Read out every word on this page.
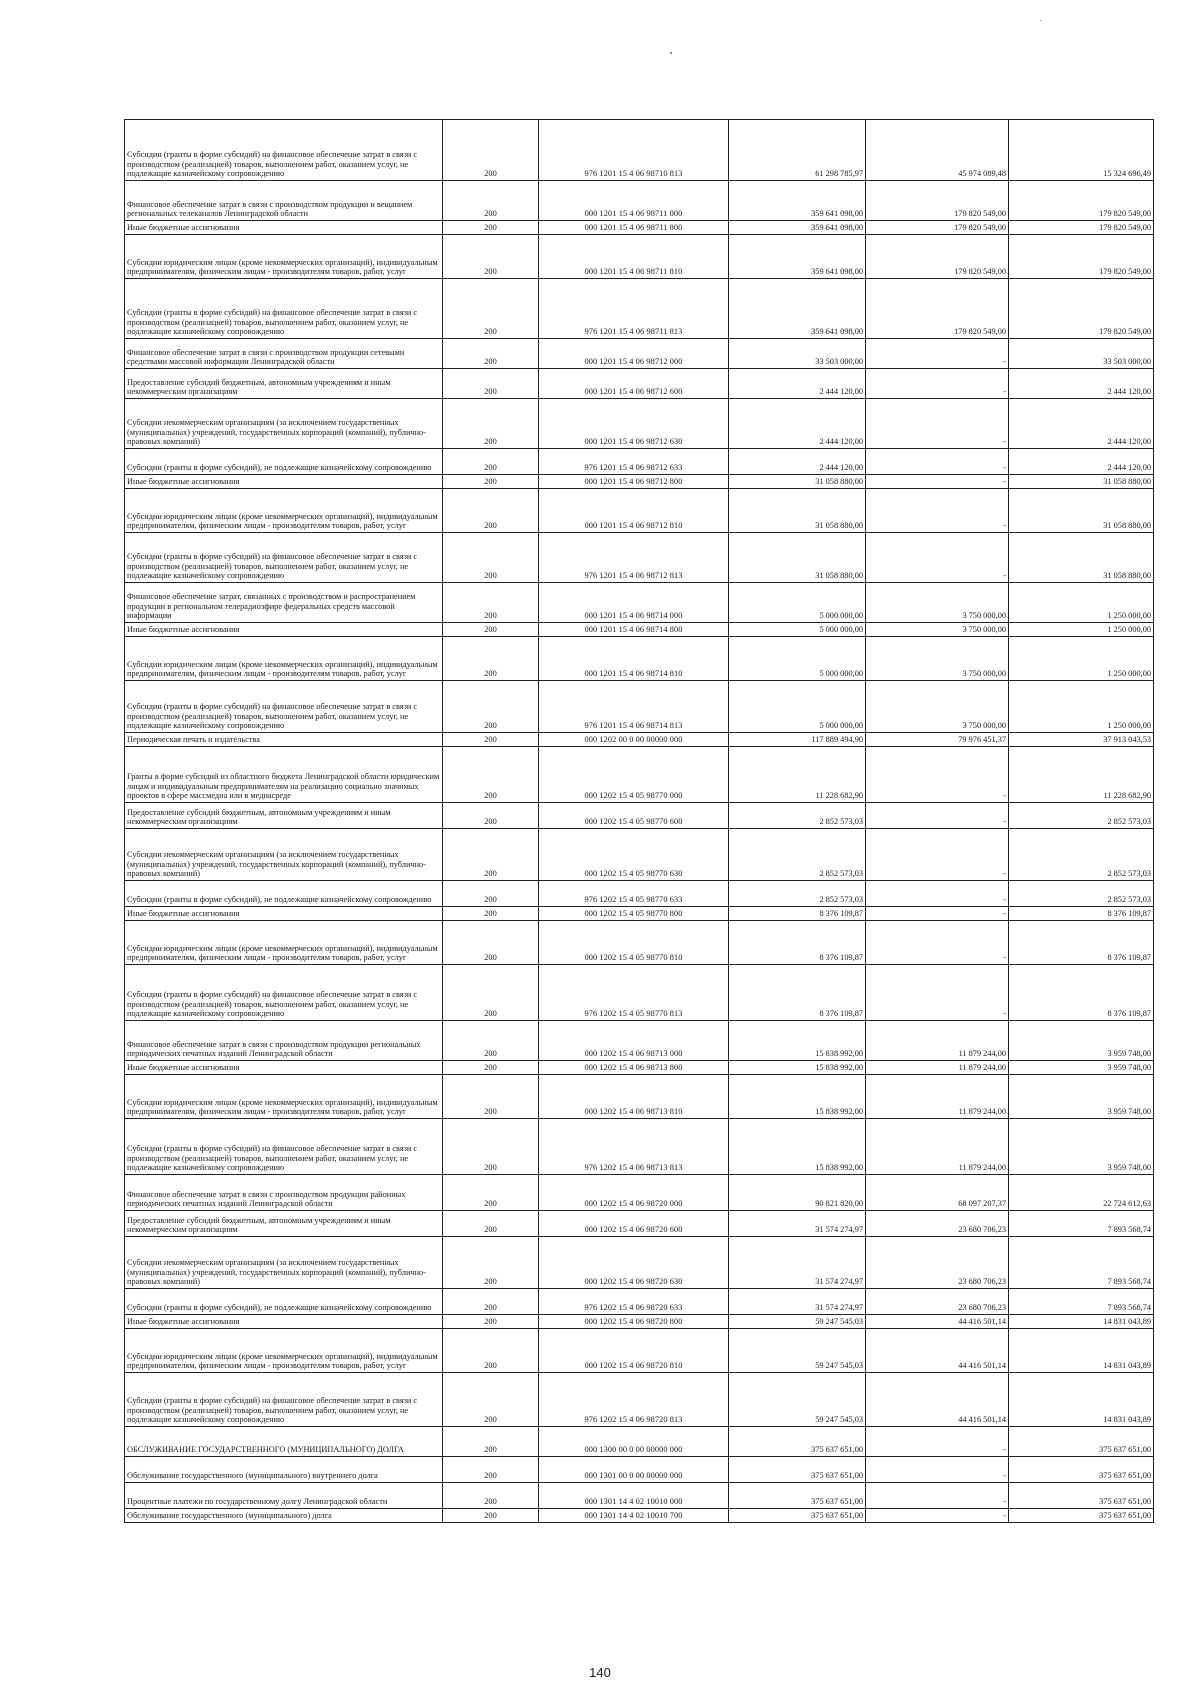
Субсидии (гранты в форме субсидий) на финансовое обеспечение затрат в связи с производством (реализацией) товаров, выполнением работ, оказанием услуг, не подлежащие казначейскому сопровождению	200	976 1201 15 4 06 98710 813	61 298 785,97	45 974 089,48	15 324 696,49
Финансовое обеспечение затрат в связи с производством продукции и вещанием региональных телеканалов Ленинградской области	200	000 1201 15 4 06 98711 000	359 641 098,00	179 820 549,00	179 820 549,00
Иные бюджетные ассигнования	200	000 1201 15 4 06 98711 800	359 641 098,00	179 820 549,00	179 820 549,00
Субсидии юридическим лицам (кроме некоммерческих организаций), индивидуальным предпринимателям, физическим лицам - производителям товаров, работ, услуг	200	000 1201 15 4 06 98711 810	359 641 098,00	179 820 549,00	179 820 549,00
Субсидии (гранты в форме субсидий) на финансовое обеспечение затрат в связи с производством (реализацией) товаров, выполнением работ, оказанием услуг, не подлежащие казначейскому сопровождению	200	976 1201 15 4 06 98711 813	359 641 098,00	179 820 549,00	179 820 549,00
Финансовое обеспечение затрат в связи с производством продукции сетевыми средствами массовой информации Ленинградской области	200	000 1201 15 4 06 98712 000	33 503 000,00	-	33 503 000,00
Предоставление субсидий бюджетным, автономным учреждениям и иным некоммерческим организациям	200	000 1201 15 4 06 98712 600	2 444 120,00	-	2 444 120,00
Субсидии некоммерческим организациям (за исключением государственных (муниципальных) учреждений, государственных корпораций (компаний), публично-правовых компаний)	200	000 1201 15 4 06 98712 630	2 444 120,00	-	2 444 120,00
Субсидии (гранты в форме субсидий), не подлежащие казначейскому сопровождению	200	976 1201 15 4 06 98712 633	2 444 120,00	-	2 444 120,00
Иные бюджетные ассигнования	200	000 1201 15 4 06 98712 800	31 058 880,00	-	31 058 880,00
Субсидии юридическим лицам (кроме некоммерческих организаций), индивидуальным предпринимателям, физическим лицам - производителям товаров, работ, услуг	200	000 1201 15 4 06 98712 810	31 058 880,00	-	31 058 880,00
Субсидии (гранты в форме субсидий) на финансовое обеспечение затрат в связи с производством (реализацией) товаров, выполнением работ, оказанием услуг, не подлежащие казначейскому сопровождению	200	976 1201 15 4 06 98712 813	31 058 880,00	-	31 058 880,00
Финансовое обеспечение затрат, связанных с производством и распространением продукции в региональном телерадиоэфире федеральных средств массовой информации	200	000 1201 15 4 06 98714 000	5 000 000,00	3 750 000,00	1 250 000,00
Иные бюджетные ассигнования	200	000 1201 15 4 06 98714 800	5 000 000,00	3 750 000,00	1 250 000,00
Субсидии юридическим лицам (кроме некоммерческих организаций), индивидуальным предпринимателям, физическим лицам - производителям товаров, работ, услуг	200	000 1201 15 4 06 98714 810	5 000 000,00	3 750 000,00	1 250 000,00
Субсидии (гранты в форме субсидий) на финансовое обеспечение затрат в связи с производством (реализацией) товаров, выполнением работ, оказанием услуг, не подлежащие казначейскому сопровождению	200	976 1201 15 4 06 98714 813	5 000 000,00	3 750 000,00	1 250 000,00
Периодическая печать и издательства	200	000 1202 00 0 00 00000 000	117 889 494,90	79 976 451,37	37 913 043,53
Гранты в форме субсидий из областного бюджета Ленинградской области юридическим лицам и индивидуальным предпринимателям на реализацию социально значимых проектов в сфере массмедиа или в медиасреде	200	000 1202 15 4 05 98770 000	11 228 682,90	-	11 228 682,90
Предоставление субсидий бюджетным, автономным учреждениям и иным некоммерческим организациям	200	000 1202 15 4 05 98770 600	2 852 573,03	-	2 852 573,03
Субсидии некоммерческим организациям (за исключением государственных (муниципальных) учреждений, государственных корпораций (компаний), публично-правовых компаний)	200	000 1202 15 4 05 98770 630	2 852 573,03	-	2 852 573,03
Субсидии (гранты в форме субсидий), не подлежащие казначейскому сопровождению	200	976 1202 15 4 05 98770 633	2 852 573,03	-	2 852 573,03
Иные бюджетные ассигнования	200	000 1202 15 4 05 98770 800	8 376 109,87	-	8 376 109,87
Субсидии юридическим лицам (кроме некоммерческих организаций), индивидуальным предпринимателям, физическим лицам - производителям товаров, работ, услуг	200	000 1202 15 4 05 98770 810	8 376 109,87	-	8 376 109,87
Субсидии (гранты в форме субсидий) на финансовое обеспечение затрат в связи с производством (реализацией) товаров, выполнением работ, оказанием услуг, не подлежащие казначейскому сопровождению	200	976 1202 15 4 05 98770 813	8 376 109,87	-	8 376 109,87
Финансовое обеспечение затрат в связи с производством продукции региональных периодических печатных изданий Ленинградской области	200	000 1202 15 4 06 98713 000	15 838 992,00	11 879 244,00	3 959 748,00
Иные бюджетные ассигнования	200	000 1202 15 4 06 98713 800	15 838 992,00	11 879 244,00	3 959 748,00
Субсидии юридическим лицам (кроме некоммерческих организаций), индивидуальным предпринимателям, физическим лицам - производителям товаров, работ, услуг	200	000 1202 15 4 06 98713 810	15 838 992,00	11 879 244,00	3 959 748,00
Субсидии (гранты в форме субсидий) на финансовое обеспечение затрат в связи с производством (реализацией) товаров, выполнением работ, оказанием услуг, не подлежащие казначейскому сопровождению	200	976 1202 15 4 06 98713 813	15 838 992,00	11 879 244,00	3 959 748,00
Финансовое обеспечение затрат в связи с производством продукции районных периодических печатных изданий Ленинградской области	200	000 1202 15 4 06 98720 000	90 821 820,00	68 097 207,37	22 724 612,63
Предоставление субсидий бюджетным, автономным учреждениям и иным некоммерческим организациям	200	000 1202 15 4 06 98720 600	31 574 274,97	23 680 706,23	7 893 568,74
Субсидии некоммерческим организациям (за исключением государственных (муниципальных) учреждений, государственных корпораций (компаний), публично-правовых компаний)	200	000 1202 15 4 06 98720 630	31 574 274,97	23 680 706,23	7 893 568,74
Субсидии (гранты в форме субсидий), не подлежащие казначейскому сопровождению	200	976 1202 15 4 06 98720 633	31 574 274,97	23 680 706,23	7 893 568,74
Иные бюджетные ассигнования	200	000 1202 15 4 06 98720 800	59 247 545,03	44 416 501,14	14 831 043,89
Субсидии юридическим лицам (кроме некоммерческих организаций), индивидуальным предпринимателям, физическим лицам - производителям товаров, работ, услуг	200	000 1202 15 4 06 98720 810	59 247 545,03	44 416 501,14	14 831 043,89
Субсидии (гранты в форме субсидий) на финансовое обеспечение затрат в связи с производством (реализацией) товаров, выполнением работ, оказанием услуг, не подлежащие казначейскому сопровождению	200	976 1202 15 4 06 98720 813	59 247 545,03	44 416 501,14	14 831 043,89
ОБСЛУЖИВАНИЕ ГОСУДАРСТВЕННОГО (МУНИЦИПАЛЬНОГО) ДОЛГА	200	000 1300 00 0 00 00000 000	375 637 651,00	-	375 637 651,00
Обслуживание государственного (муниципального) внутреннего долга	200	000 1301 00 0 00 00000 000	375 637 651,00	-	375 637 651,00
Процентные платежи по государственному долгу Ленинградской области	200	000 1301 14 4 02 10010 000	375 637 651,00	-	375 637 651,00
Обслуживание государственного (муниципального) долга	200	000 1301 14 4 02 10010 700	375 637 651,00	-	375 637 651,00
140
